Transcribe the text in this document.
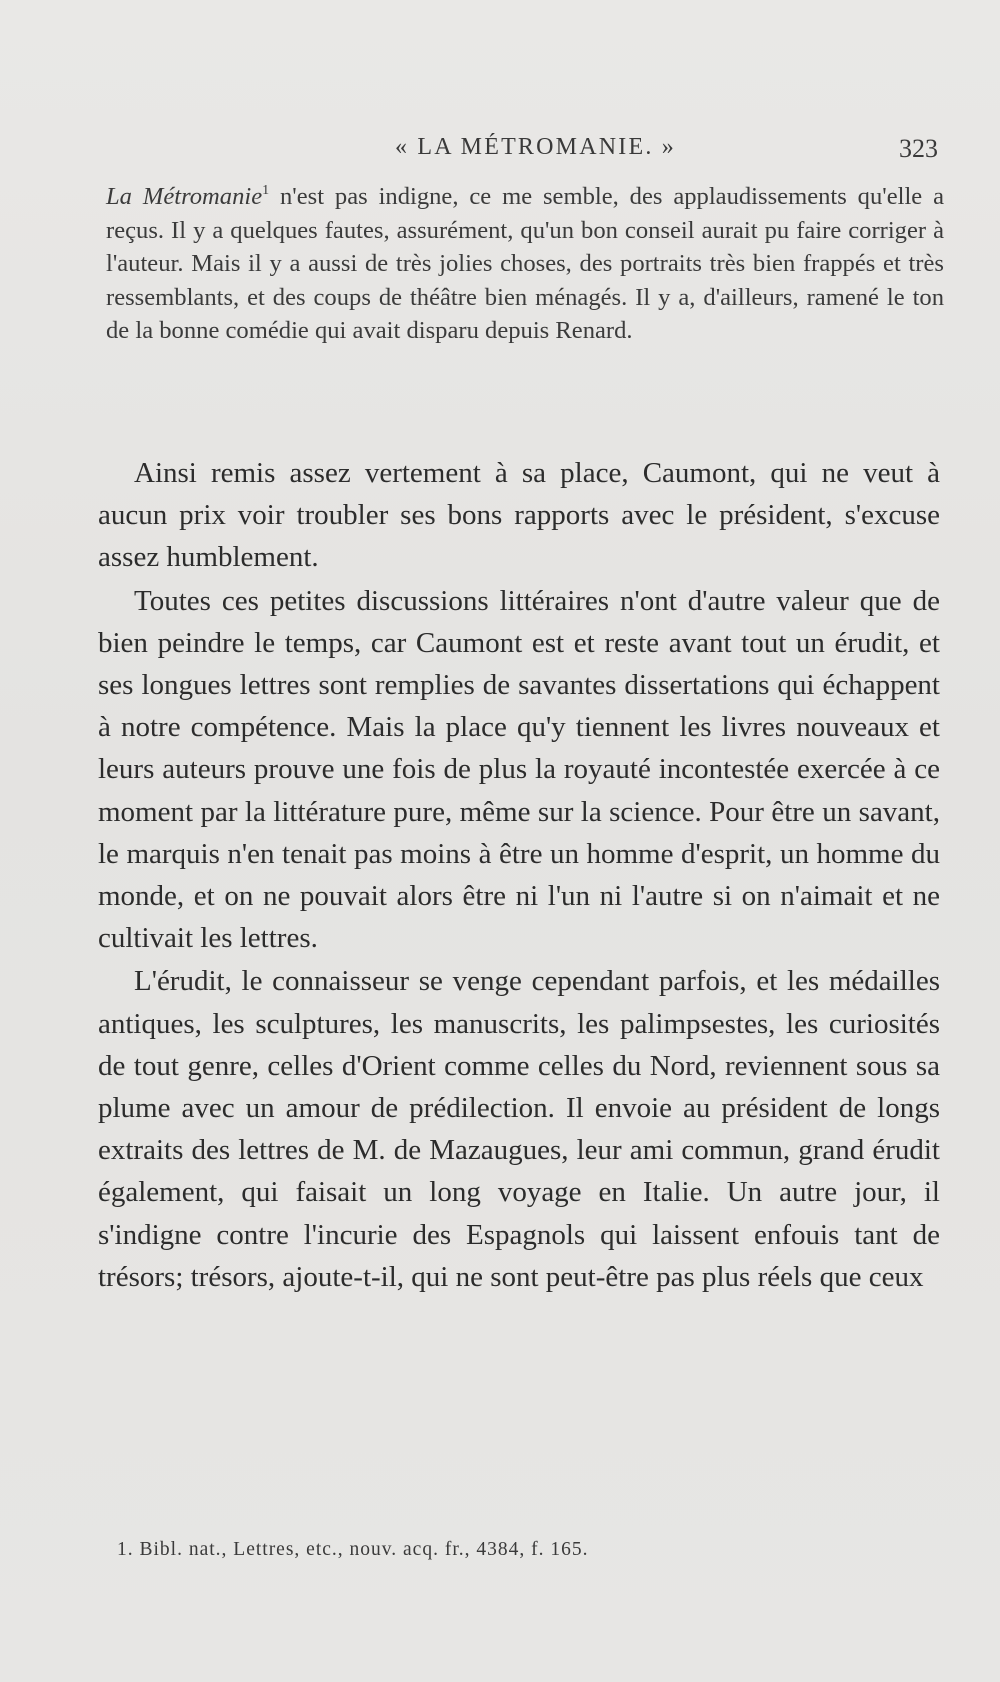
« LA MÉTROMANIE. »	323
La Métromanie$^1$ n'est pas indigne, ce me semble, des applaudissements qu'elle a reçus. Il y a quelques fautes, assurément, qu'un bon conseil aurait pu faire corriger à l'auteur. Mais il y a aussi de très jolies choses, des portraits très bien frappés et très ressemblants, et des coups de théâtre bien ménagés. Il y a, d'ailleurs, ramené le ton de la bonne comédie qui avait disparu depuis Renard.

Ainsi remis assez vertement à sa place, Caumont, qui ne veut à aucun prix voir troubler ses bons rapports avec le président, s'excuse assez humblement.

Toutes ces petites discussions littéraires n'ont d'autre valeur que de bien peindre le temps, car Caumont est et reste avant tout un érudit, et ses longues lettres sont remplies de savantes dissertations qui échappent à notre compétence. Mais la place qu'y tiennent les livres nouveaux et leurs auteurs prouve une fois de plus la royauté incontestée exercée à ce moment par la littérature pure, même sur la science. Pour être un savant, le marquis n'en tenait pas moins à être un homme d'esprit, un homme du monde, et on ne pouvait alors être ni l'un ni l'autre si on n'aimait et ne cultivait les lettres.

L'érudit, le connaisseur se venge cependant parfois, et les médailles antiques, les sculptures, les manuscrits, les palimpsestes, les curiosités de tout genre, celles d'Orient comme celles du Nord, reviennent sous sa plume avec un amour de prédilection. Il envoie au président de longs extraits des lettres de M. de Mazaugues, leur ami commun, grand érudit également, qui faisait un long voyage en Italie. Un autre jour, il s'indigne contre l'incurie des Espagnols qui laissent enfouis tant de trésors; trésors, ajoute-t-il, qui ne sont peut-être pas plus réels que ceux

1. Bibl. nat., Lettres, etc., nouv. acq. fr., 4384, f. 165.
